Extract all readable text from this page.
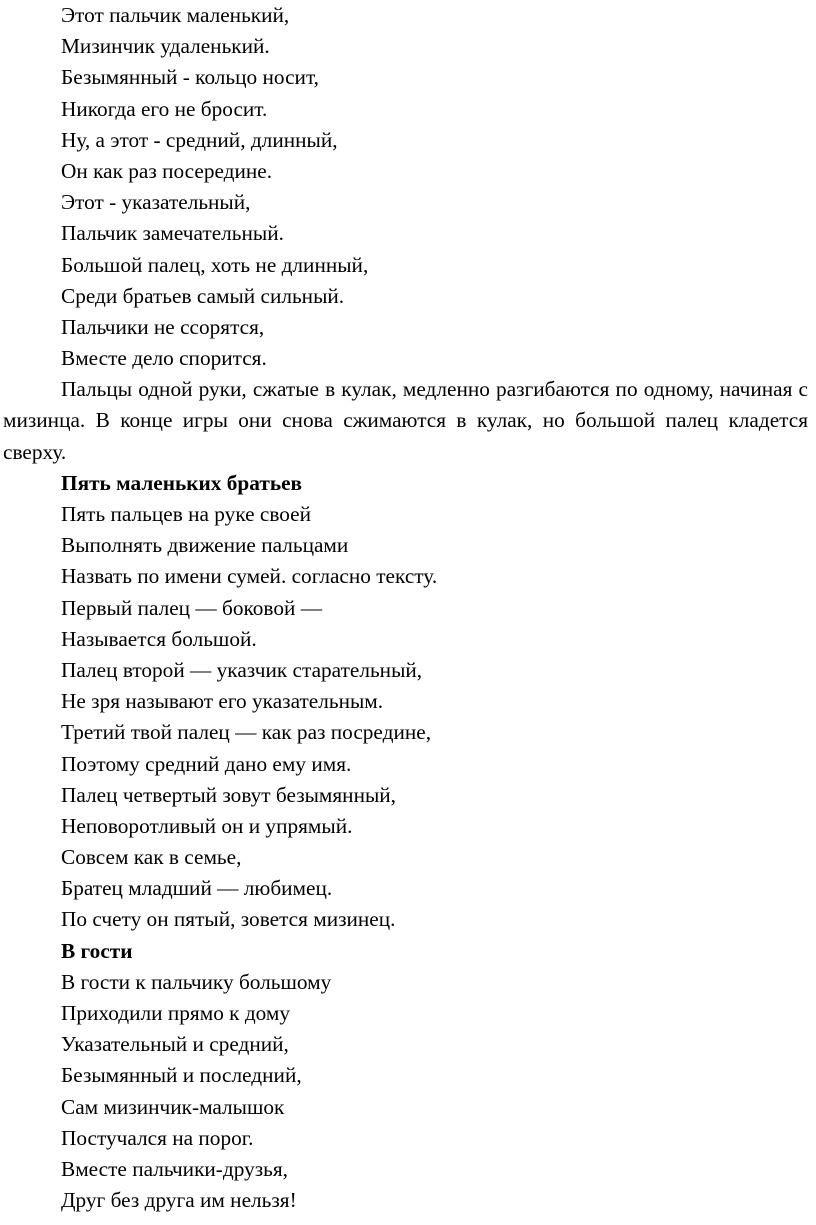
Этот пальчик маленький,
Мизинчик удаленький.
Безымянный - кольцо носит,
Никогда его не бросит.
Ну, а этот - средний, длинный,
Он как раз посередине.
Этот - указательный,
Пальчик замечательный.
Большой палец, хоть не длинный,
Среди братьев самый сильный.
Пальчики не ссорятся,
Вместе дело спорится.

Пальцы одной руки, сжатые в кулак, медленно разгибаются по одному, начиная с мизинца. В конце игры они снова сжимаются в кулак, но большой палец кладется сверху.

Пять маленьких братьев
Пять пальцев на руке своей
Выполнять движение пальцами
Назвать по имени сумей. согласно тексту.
Первый палец — боковой —
Называется большой.
Палец второй — указчик старательный,
Не зря называют его указательным.
Третий твой палец — как раз посредине,
Поэтому средний дано ему имя.
Палец четвертый зовут безымянный,
Неповоротливый он и упрямый.
Совсем как в семье,
Братец младший — любимец.
По счету он пятый, зовется мизинец.
В гости
В гости к пальчику большому
Приходили прямо к дому
Указательный и средний,
Безымянный и последний,
Сам мизинчик-малышок
Постучался на порог.
Вместе пальчики-друзья,
Друг без друга им нельзя!
